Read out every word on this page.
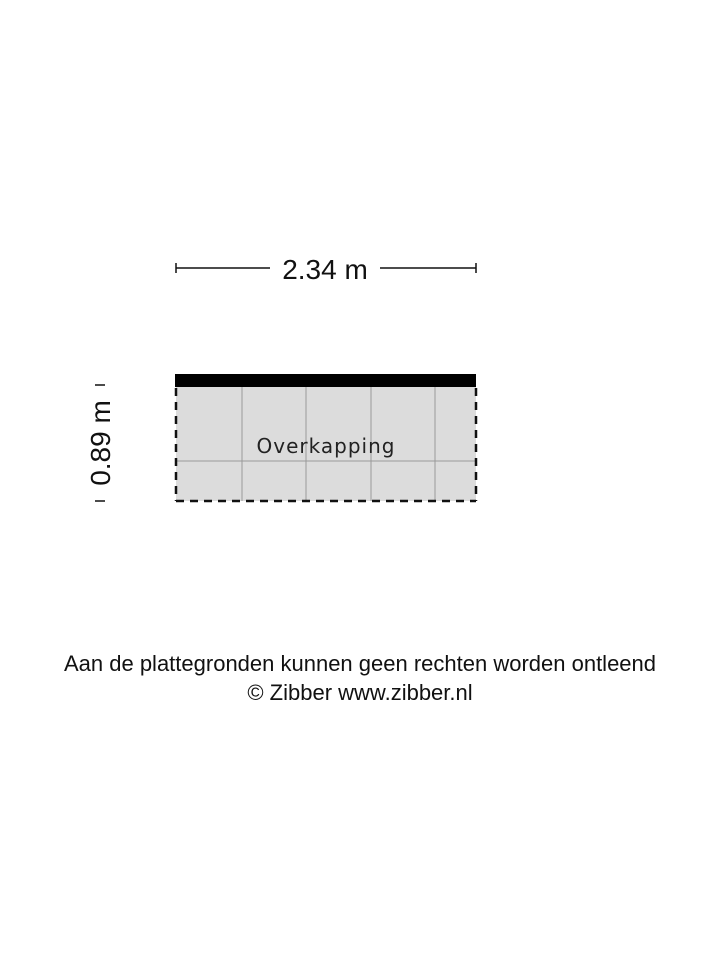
2.34 m
0.89 m	Overkapping
Aan de plattegronden kunnen geen rechten worden ontleend
© Zibber www.zibber.nl
